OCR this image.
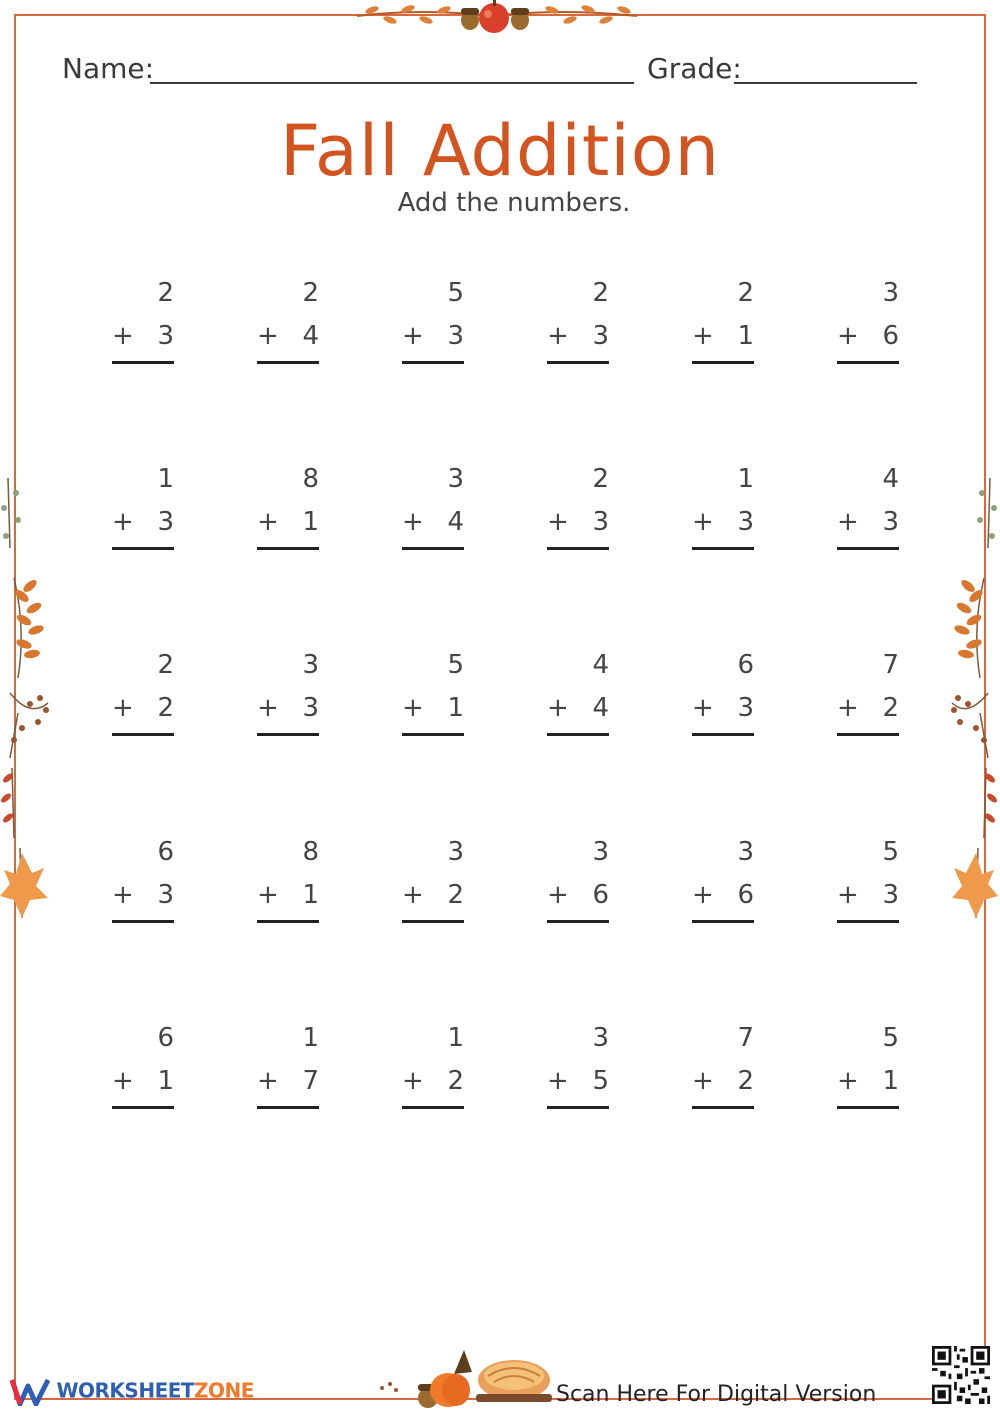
Name:	Grade:
Fall Addition
Add the numbers.
2
+ 3
2
+ 4
5
+ 3
2
+ 3
2
+ 1
3
+ 6
1
+ 3
8
+ 1
3
+ 4
2
+ 3
1
+ 3
4
+ 3
2
+ 2
3
+ 3
5
+ 1
4
+ 4
6
+ 3
7
+ 2
6
+ 3
8
+ 1
3
+ 2
3
+ 6
3
+ 6
5
+ 3
6
+ 1
1
+ 7
1
+ 2
3
+ 5
7
+ 2
5
+ 1
WORKSHEETZONE	Scan Here For Digital Version
